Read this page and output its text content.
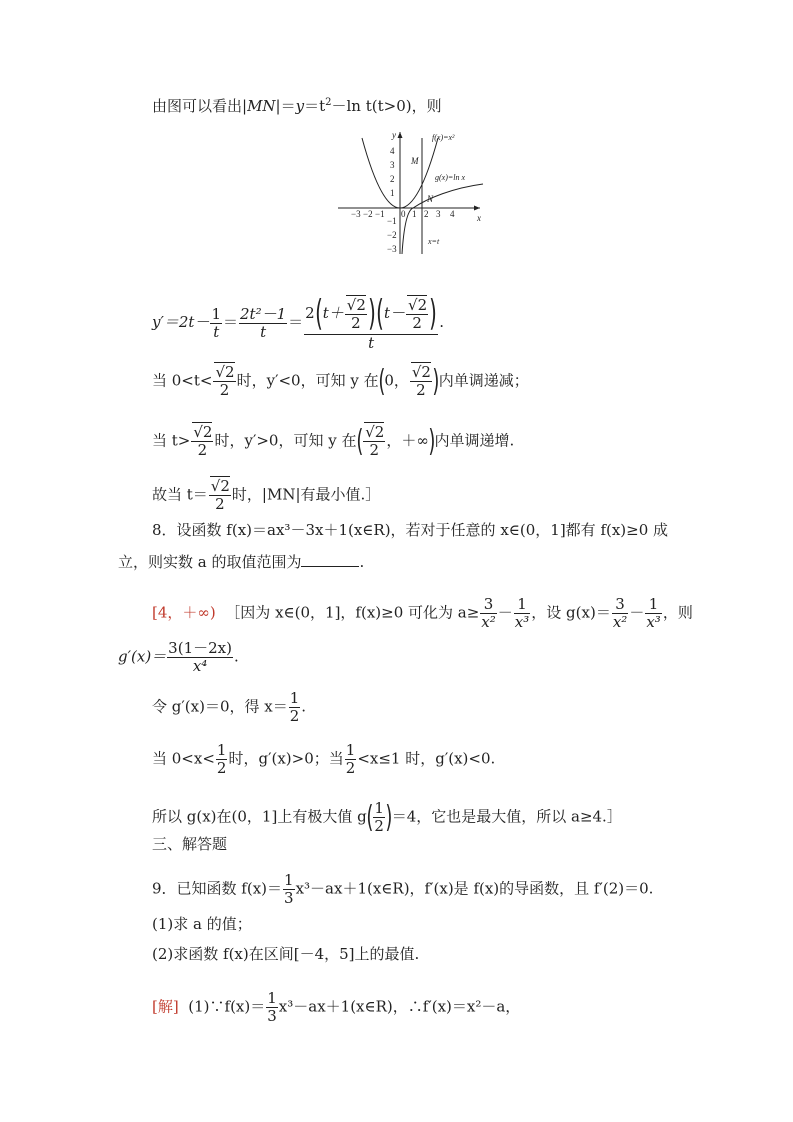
由图可以看出$|MN|=y=t^2-\ln$ t(t>0)，则
−3 −2 −1 0 1 2 3 4
4
3
2
1
−1
−2
−3
y
x
f(x)=x²
g(x)=ln x
x=t
M
N
$y'=2t- \frac{1}{t} = \frac{\text{2t²－1}}{t} = \frac{2(t+ \frac{√2}{2} )(t- \frac{√2}{2} )}{t}$ .
当 $0<t< \frac{√2}{2}$ 时，y′<0，可知 y 在(0， $\frac{√2}{2}$ )内单调递减；
当 $t> \frac{√2}{2}$ 时，y′>0，可知 y 在( $\frac{√2}{2}$ ，＋∞)内单调递增.
故当 $t= \frac{√2}{2}$ 时，|MN|有最小值.］
8．设函数 f(x)＝ax³－3x＋1(x∈R)，若对于任意的 x∈(0，1]都有 f(x)≥0 成
立，则实数 a 的取值范围为	.
[4，＋∞) ［因为 x∈(0，1]，f(x)≥0 可化为 $a\ge \frac{3}{\text{x²}} - \frac{1}{\text{x³}}$ ，设 $g(x)= \frac{3}{\text{x²}} - \frac{1}{\text{x³}}$ ，则
$g'(x)= \frac{3(1-2x)}{\text{x⁴}}$ .
令 g′(x)＝0，得 $x= \frac{1}{2}$ .
当 $0<x< \frac{1}{2}$ 时，g′(x)>0；当 $\frac{1}{2} <x\le 1$ 时，g′(x)<0.
所以 g(x)在(0，1]上有极大值 $g( \frac{1}{2} )=4$，它也是最大值，所以 a≥4.］
三、解答题
9．已知函数 $f(x)= \frac{1}{3}$ x³－ax＋1(x∈R)，f′(x)是 f(x)的导函数，且 f′(2)＝0.
(1)求 a 的值；
(2)求函数 f(x)在区间[－4，5]上的最值.
[解] (1)∵f(x)＝ $\frac{1}{3}$ x³－ax＋1(x∈R)，∴f′(x)＝x²－a，
